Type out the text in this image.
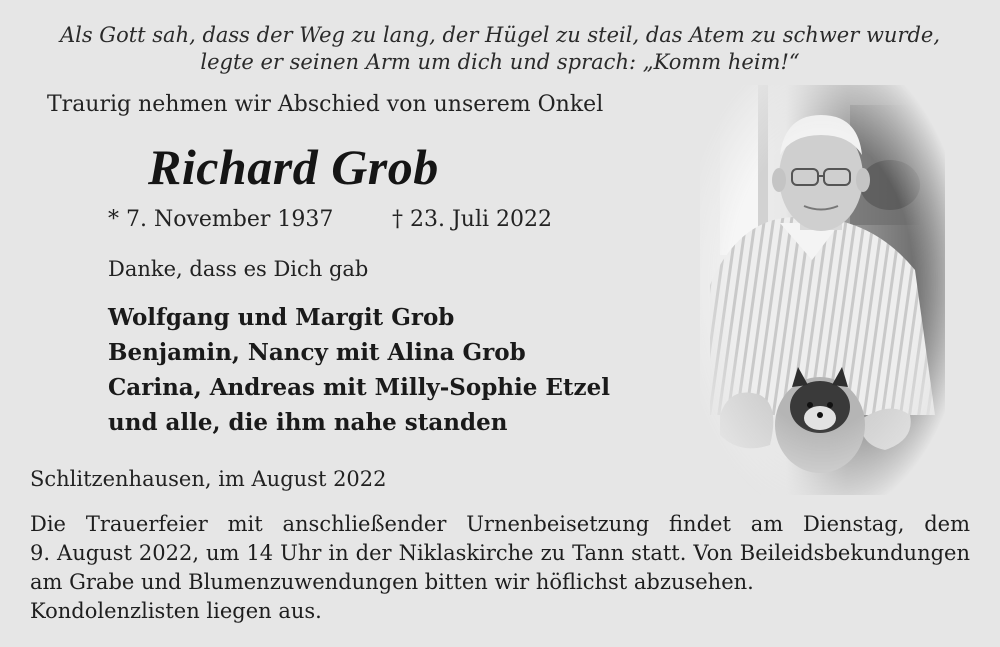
Als Gott sah, dass der Weg zu lang, der Hügel zu steil, das Atem zu schwer wurde,
legte er seinen Arm um dich und sprach: „Komm heim!“
Traurig nehmen wir Abschied von unserem Onkel
Richard Grob
* 7. November 1937	† 23. Juli 2022
Danke, dass es Dich gab
Wolfgang und Margit Grob
Benjamin, Nancy mit Alina Grob
Carina, Andreas mit Milly-Sophie Etzel
und alle, die ihm nahe standen
Schlitzenhausen, im August 2022
Die Trauerfeier mit anschließender Urnenbeisetzung findet am Dienstag, dem
9. August 2022, um 14 Uhr in der Niklaskirche zu Tann statt. Von Beileidsbekundungen
am Grabe und Blumenzuwendungen bitten wir höflichst abzusehen.
Kondolenzlisten liegen aus.
